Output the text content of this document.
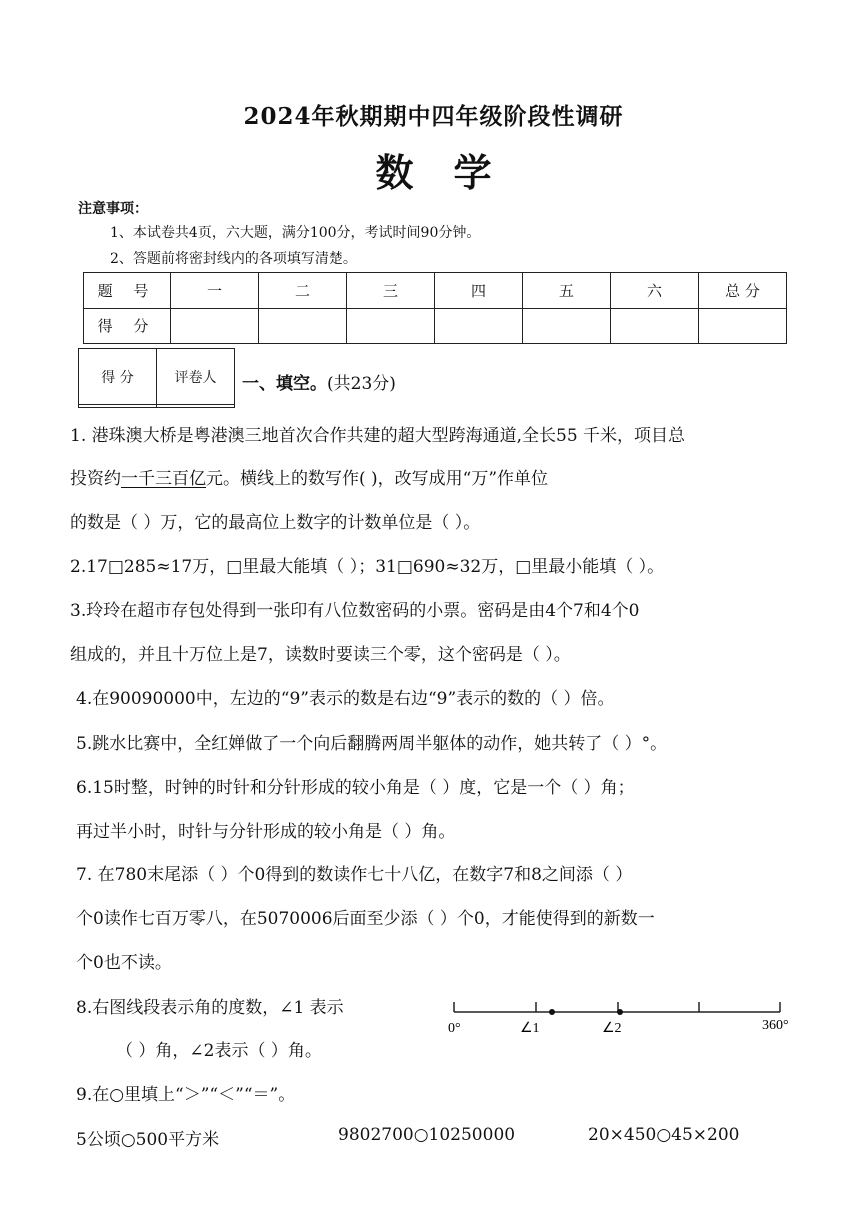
2024年秋期期中四年级阶段性调研
数学
注意事项：
1、本试卷共4页，六大题，满分100分，考试时间90分钟。
2、答题前将密封线内的各项填写清楚。
题 号	一	二	三	四	五	六	总 分
得 分							
得 分	评卷人
	一、填空。(共23分)
1. 港珠澳大桥是粤港澳三地首次合作共建的超大型跨海通道,全长55 千米，项目总
投资约一千三百亿元。横线上的数写作( )，改写成用“万”作单位
的数是（ ）万，它的最高位上数字的计数单位是（ ）。
2.17□285≈17万，□里最大能填（ ）；31□690≈32万，□里最小能填（ ）。
3.玲玲在超市存包处得到一张印有八位数密码的小票。密码是由4个7和4个0
组成的，并且十万位上是7，读数时要读三个零，这个密码是（ ）。
4.在90090000中，左边的“9”表示的数是右边“9”表示的数的（ ）倍。
5.跳水比赛中，全红婵做了一个向后翻腾两周半躯体的动作，她共转了（ ）°。
6.15时整，时钟的时针和分针形成的较小角是（ ）度，它是一个（ ）角；
再过半小时，时针与分针形成的较小角是（ ）角。
7. 在780末尾添（ ）个0得到的数读作七十八亿，在数字7和8之间添（ ）
个0读作七百万零八，在5070006后面至少添（ ）个0，才能使得到的新数一
个0也不读。
8.右图线段表示角的度数，∠1 表示
（ ）角，∠2表示（ ）角。
0°	∠1	∠2	360°
9.在○里填上“＞”“＜”“＝”。
5公顷○500平方米	9802700○10250000	20×450○45×200
